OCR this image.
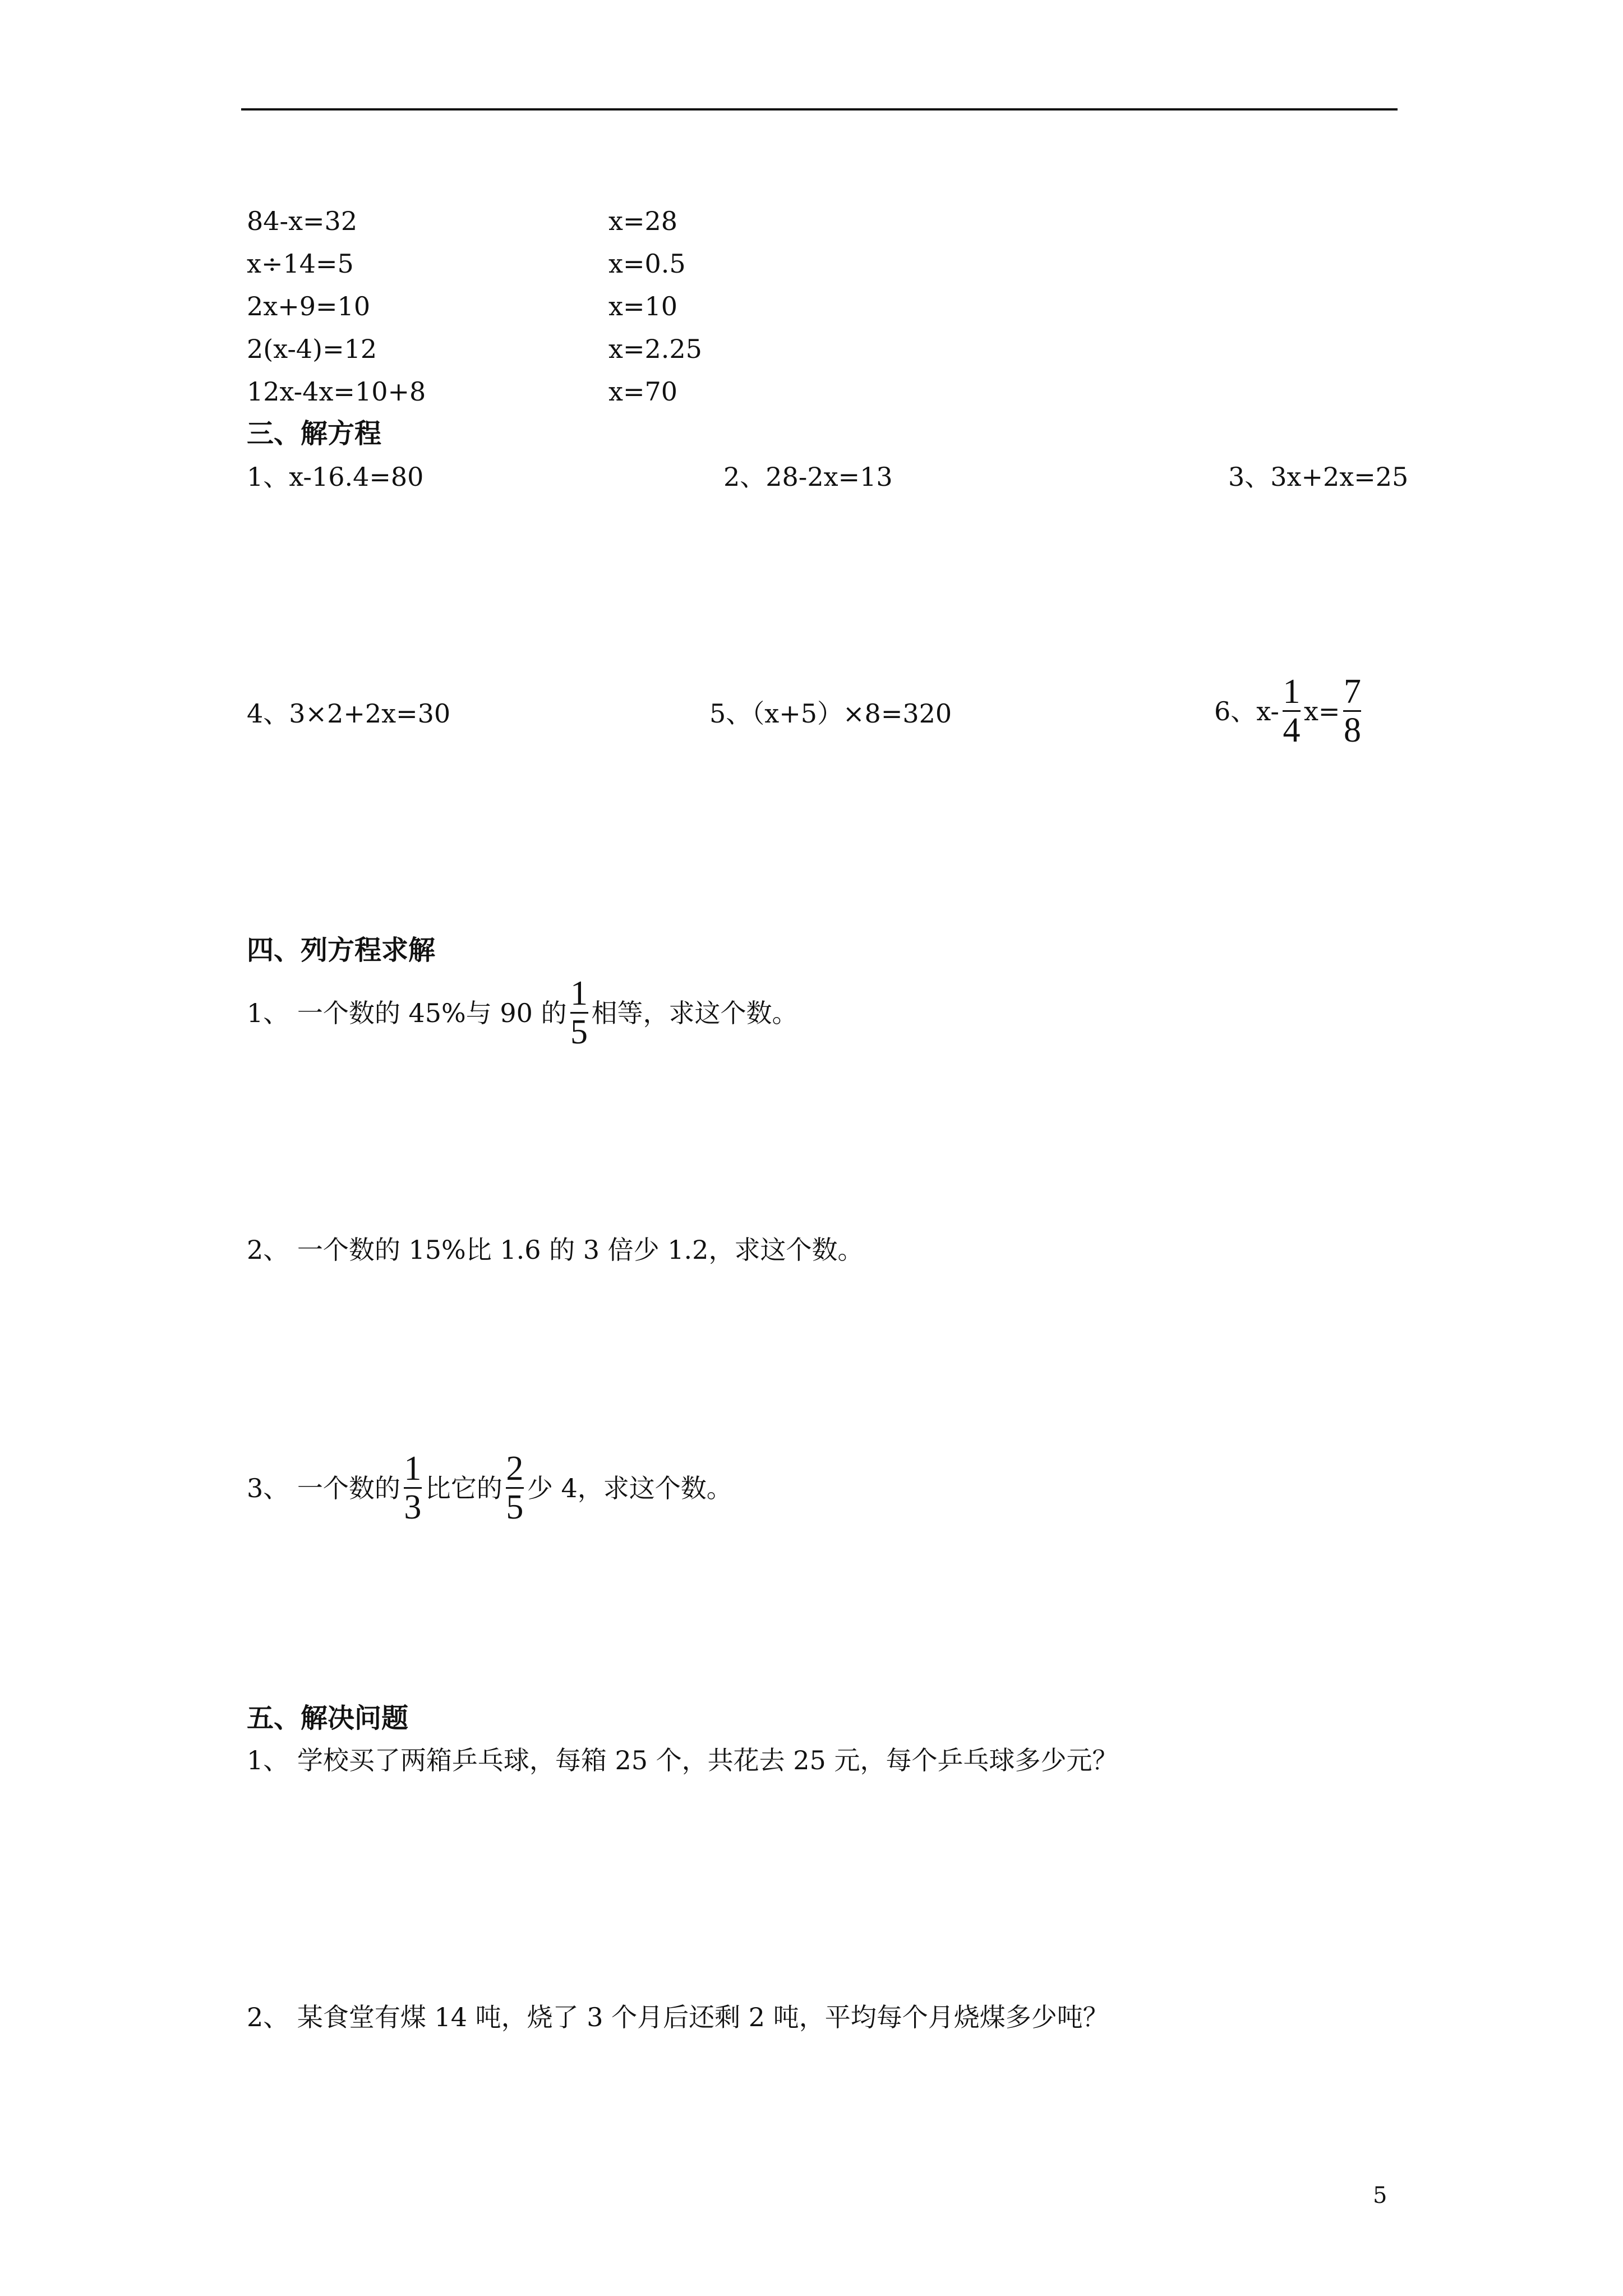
84-x=32	x=28
x÷14=5	x=0.5
2x+9=10	x=10
2(x-4)=12	x=2.25
12x-4x=10+8	x=70
三、解方程
1、x-16.4=80	2、28-2x=13	3、3x+2x=25
4、3×2+2x=30	5、（x+5）×8=320	6、$x- \frac{1}{4} x= \frac{7}{8}$
四、列方程求解
1、 一个数的 45%与 90 的 $\frac{1}{5}$ 相等，求这个数。
2、 一个数的 15%比 1.6 的 3 倍少 1.2，求这个数。
3、 一个数的 $\frac{1}{3}$ 比它的 $\frac{2}{5}$ 少 4，求这个数。
五、解决问题
1、 学校买了两箱乒乓球，每箱 25 个，共花去 25 元，每个乒乓球多少元？
2、 某食堂有煤 14 吨，烧了 3 个月后还剩 2 吨，平均每个月烧煤多少吨？
5
